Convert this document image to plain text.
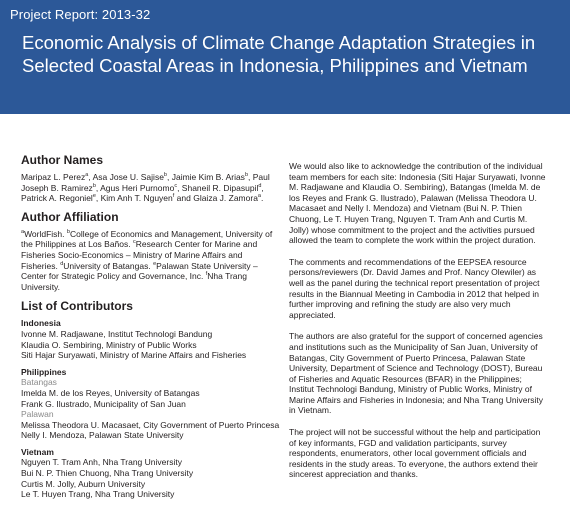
Project Report: 2013-32
Economic Analysis of Climate Change Adaptation Strategies in
Selected Coastal Areas in Indonesia, Philippines and Vietnam
Author Names

Maripaz L. Perez$^a$, Asa Jose U. Sajise$^b$, Jaimie Kim B. Arias$^b$, Paul Joseph B. Ramirez$^b$, Agus Heri Purnomo$^c$, Shaneil R. Dipasupil$^d$, Patrick A. Regoniel$^e$, Kim Anh T. Nguyen$^f$ and Glaiza J. Zamora$^a$.

Author Affiliation

$^a$WorldFish. $^b$College of Economics and Management, University of the Philippines at Los Baños. $^c$Research Center for Marine and Fisheries Socio-Economics – Ministry of Marine Affairs and Fisheries. $^d$University of Batangas. $^e$Palawan State University – Center for Strategic Policy and Governance, Inc. $^f$Nha Trang University.

List of Contributors
Indonesia
Ivonne M. Radjawane, Institut Technologi Bandung
Klaudia O. Sembiring, Ministry of Public Works
Siti Hajar Suryawati, Ministry of Marine Affairs and Fisheries
Philippines
Batangas
Imelda M. de los Reyes, University of Batangas
Frank G. Ilustrado, Municipality of San Juan
Palawan
Melissa Theodora U. Macasaet, City Government of Puerto Princesa
Nelly I. Mendoza, Palawan State University
Vietnam
Nguyen T. Tram Anh, Nha Trang University
Bui N. P. Thien Chuong, Nha Trang University
Curtis M. Jolly, Auburn University
Le T. Huyen Trang, Nha Trang University

We would also like to acknowledge the contribution of the individual team members for each site: Indonesia (Siti Hajar Suryawati, Ivonne M. Radjawane and Klaudia O. Sembiring), Batangas (Imelda M. de los Reyes and Frank G. Ilustrado), Palawan (Melissa Theodora U. Macasaet and Nelly I. Mendoza) and Vietnam (Bui N. P. Thien Chuong, Le T. Huyen Trang, Nguyen T. Tram Anh and Curtis M. Jolly) whose commitment to the project and the activities pursued allowed the team to complete the work within the project duration.

The comments and recommendations of the EEPSEA resource persons/reviewers (Dr. David James and Prof. Nancy Olewiler) as well as the panel during the technical report presentation of project results in the Biannual Meeting in Cambodia in 2012 that helped in further improving and refining the study are also very much appreciated.

The authors are also grateful for the support of concerned agencies and institutions such as the Municipality of San Juan, University of Batangas, City Government of Puerto Princesa, Palawan State University, Department of Science and Technology (DOST), Bureau of Fisheries and Aquatic Resources (BFAR) in the Philippines; Institut Technologi Bandung, Ministry of Public Works, Ministry of Marine Affairs and Fisheries in Indonesia; and Nha Trang University in Vietnam.

The project will not be successful without the help and participation of key informants, FGD and validation participants, survey respondents, enumerators, other local government officials and residents in the study areas. To everyone, the authors extend their sincerest appreciation and thanks.
